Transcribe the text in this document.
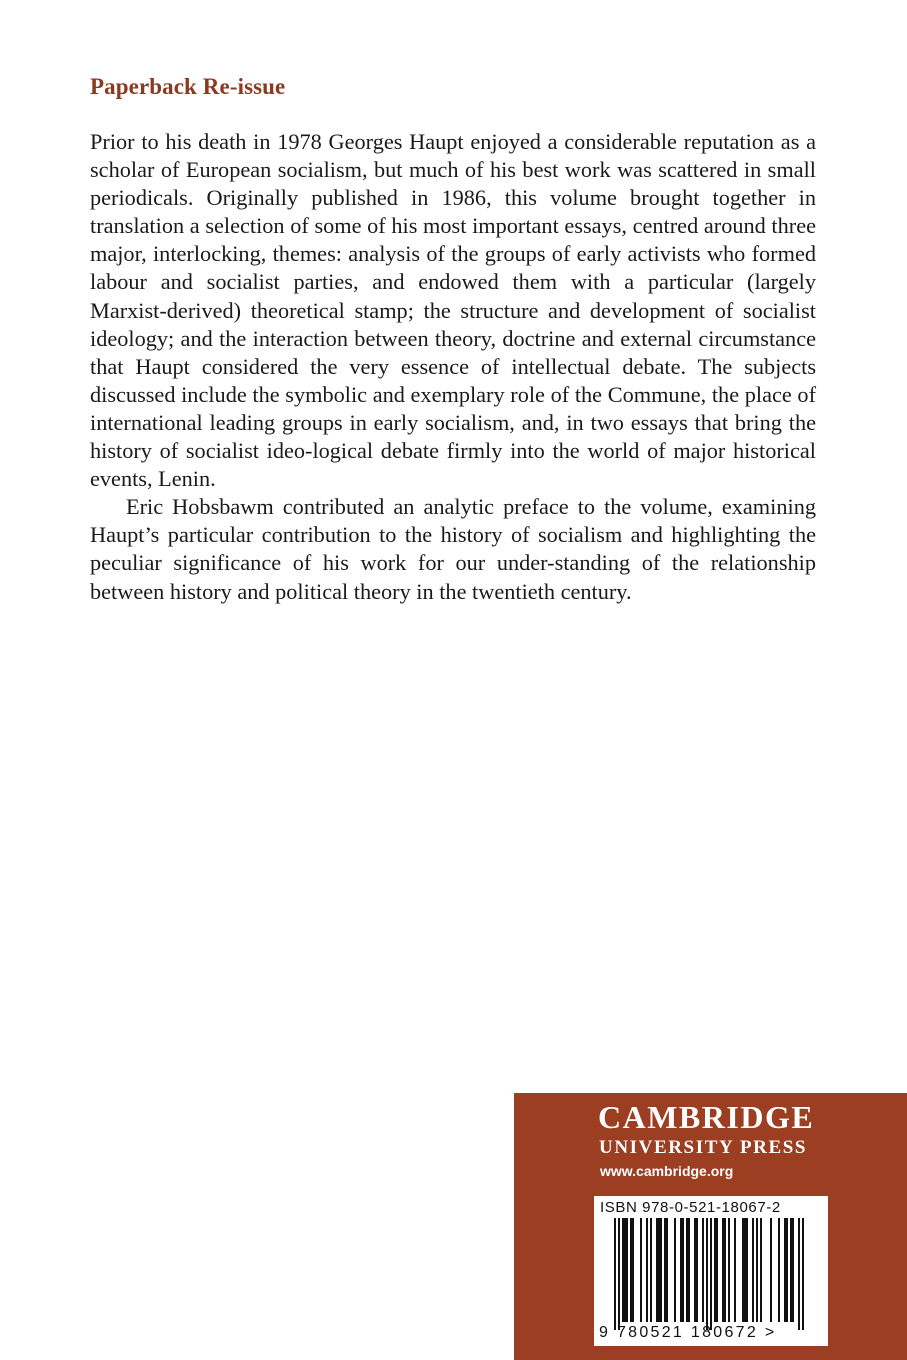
Paperback Re-issue

Prior to his death in 1978 Georges Haupt enjoyed a considerable reputation as a scholar of European socialism, but much of his best work was scattered in small periodicals. Originally published in 1986, this volume brought together in translation a selection of some of his most important essays, centred around three major, interlocking, themes: analysis of the groups of early activists who formed labour and socialist parties, and endowed them with a particular (largely Marxist-derived) theoretical stamp; the structure and development of socialist ideology; and the interaction between theory, doctrine and external circumstance that Haupt considered the very essence of intellectual debate. The subjects discussed include the symbolic and exemplary role of the Commune, the place of international leading groups in early socialism, and, in two essays that bring the history of socialist ideo-logical debate firmly into the world of major historical events, Lenin.

Eric Hobsbawm contributed an analytic preface to the volume, examining Haupt’s particular contribution to the history of socialism and highlighting the peculiar significance of his work for our under-standing of the relationship between history and political theory in the twentieth century.

CAMBRIDGE
UNIVERSITY PRESS
www.cambridge.org
ISBN 978-0-521-18067-2
9 780521 180672 >
